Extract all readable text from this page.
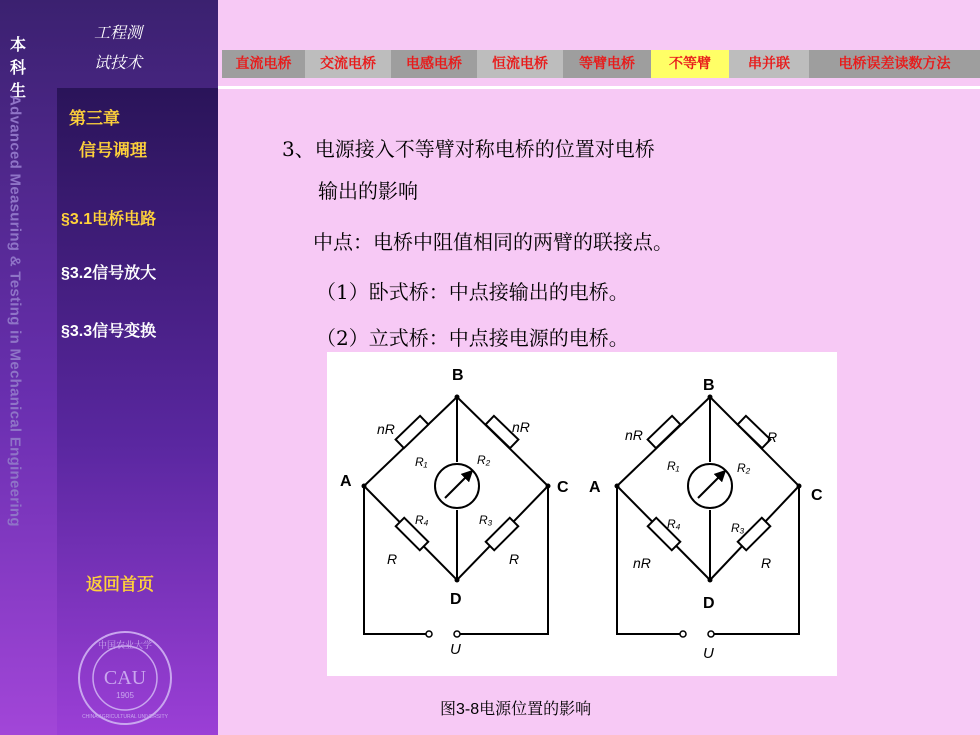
本科生
工程测
试技术
Advanced Measuring & Testing in Mechanical Engineering	第三章
信号调理
§3.1电桥电路
§3.2信号放大
§3.3信号变换
返回首页
中国农业大学
CAU
1905
CHINA AGRICULTURAL UNIVERSITY
直流电桥	交流电桥	电感电桥	恒流电桥	等臂电桥	不等臂	串并联	电桥误差读数方法
3、电源接入不等臂对称电桥的位置对电桥
输出的影响
中点：电桥中阻值相同的两臂的联接点。
（1）卧式桥：中点接输出的电桥。
（2）立式桥：中点接电源的电桥。
B
A	C
D
U
nR	nR
R	R
R₁	R₂
R₄	R₃
B
A	C
D
U
nR	R
nR	R
R₁	R₂
R₄	R₃
图3-8电源位置的影响
